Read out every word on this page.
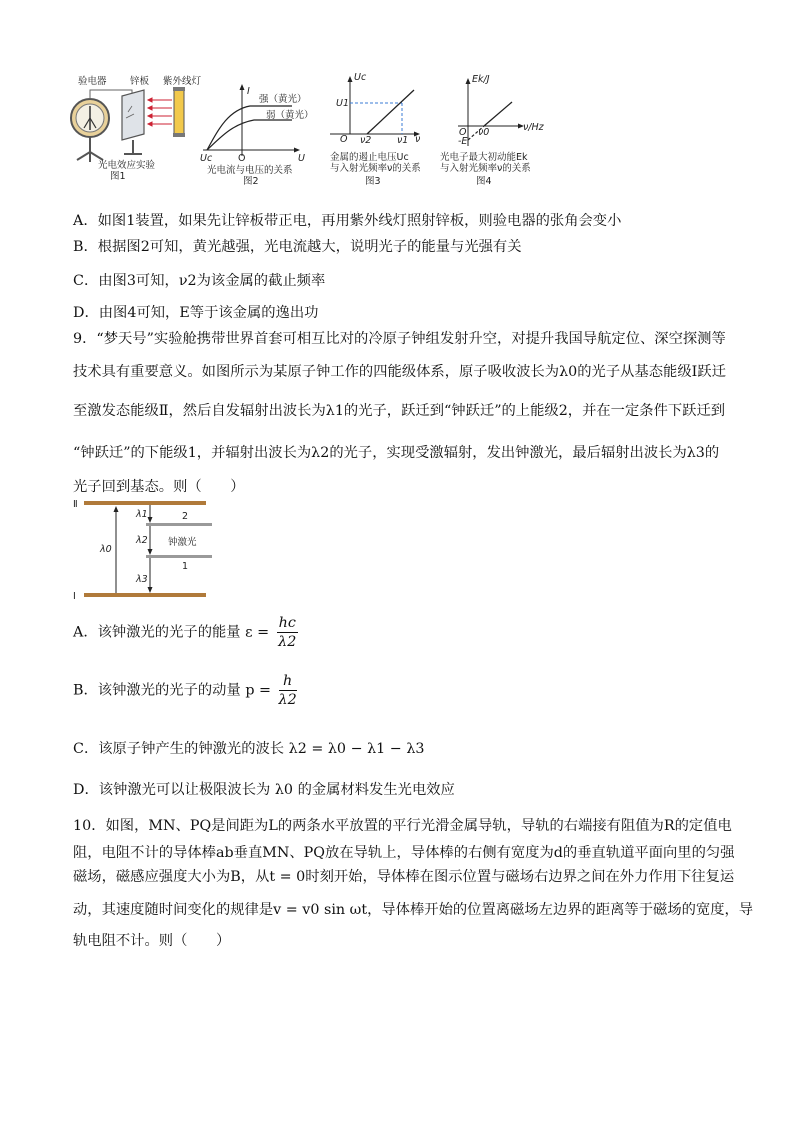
验电器 锌板 紫外线灯
光电效应实验
图1
I
U
O
Uc
强（黄光）
弱（黄光）
光电流与电压的关系
图2
Uc
ν
O
U1
ν2	ν1
金属的遏止电压Uc
与入射光频率ν的关系
图3
Ek/J
ν/Hz
O ν0
-E
光电子最大初动能Ek
与入射光频率ν的关系
图4
A．如图1装置，如果先让锌板带正电，再用紫外线灯照射锌板，则验电器的张角会变小
B．根据图2可知，黄光越强，光电流越大，说明光子的能量与光强有关
C．由图3可知，ν2为该金属的截止频率
D．由图4可知，E等于该金属的逸出功
9．“梦天号”实验舱携带世界首套可相互比对的冷原子钟组发射升空，对提升我国导航定位、深空探测等
技术具有重要意义。如图所示为某原子钟工作的四能级体系，原子吸收波长为λ0的光子从基态能级Ⅰ跃迁
至激发态能级Ⅱ，然后自发辐射出波长为λ1的光子，跃迁到“钟跃迁”的上能级2，并在一定条件下跃迁到
“钟跃迁”的下能级1，并辐射出波长为λ2的光子，实现受激辐射，发出钟激光，最后辐射出波长为λ3的
光子回到基态。则（　　）
Ⅱ
Ⅰ
2
1
λ0
λ1
λ2 钟激光
λ3
A．该钟激光的光子的能量 $\varepsilon = \frac{hc}{\lambda 2}$
B．该钟激光的光子的动量 $p = \frac{h}{\lambda 2}$
C．该原子钟产生的钟激光的波长 λ2 = λ0 − λ1 − λ3
D．该钟激光可以让极限波长为 λ0 的金属材料发生光电效应
10．如图，MN、PQ是间距为L的两条水平放置的平行光滑金属导轨，导轨的右端接有阻值为R的定值电
阻，电阻不计的导体棒ab垂直MN、PQ放在导轨上，导体棒的右侧有宽度为d的垂直轨道平面向里的匀强
磁场，磁感应强度大小为B，从t = 0时刻开始，导体棒在图示位置与磁场右边界之间在外力作用下往复运
动，其速度随时间变化的规律是v = v0 sin ωt，导体棒开始的位置离磁场左边界的距离等于磁场的宽度，导
轨电阻不计。则（　　）
